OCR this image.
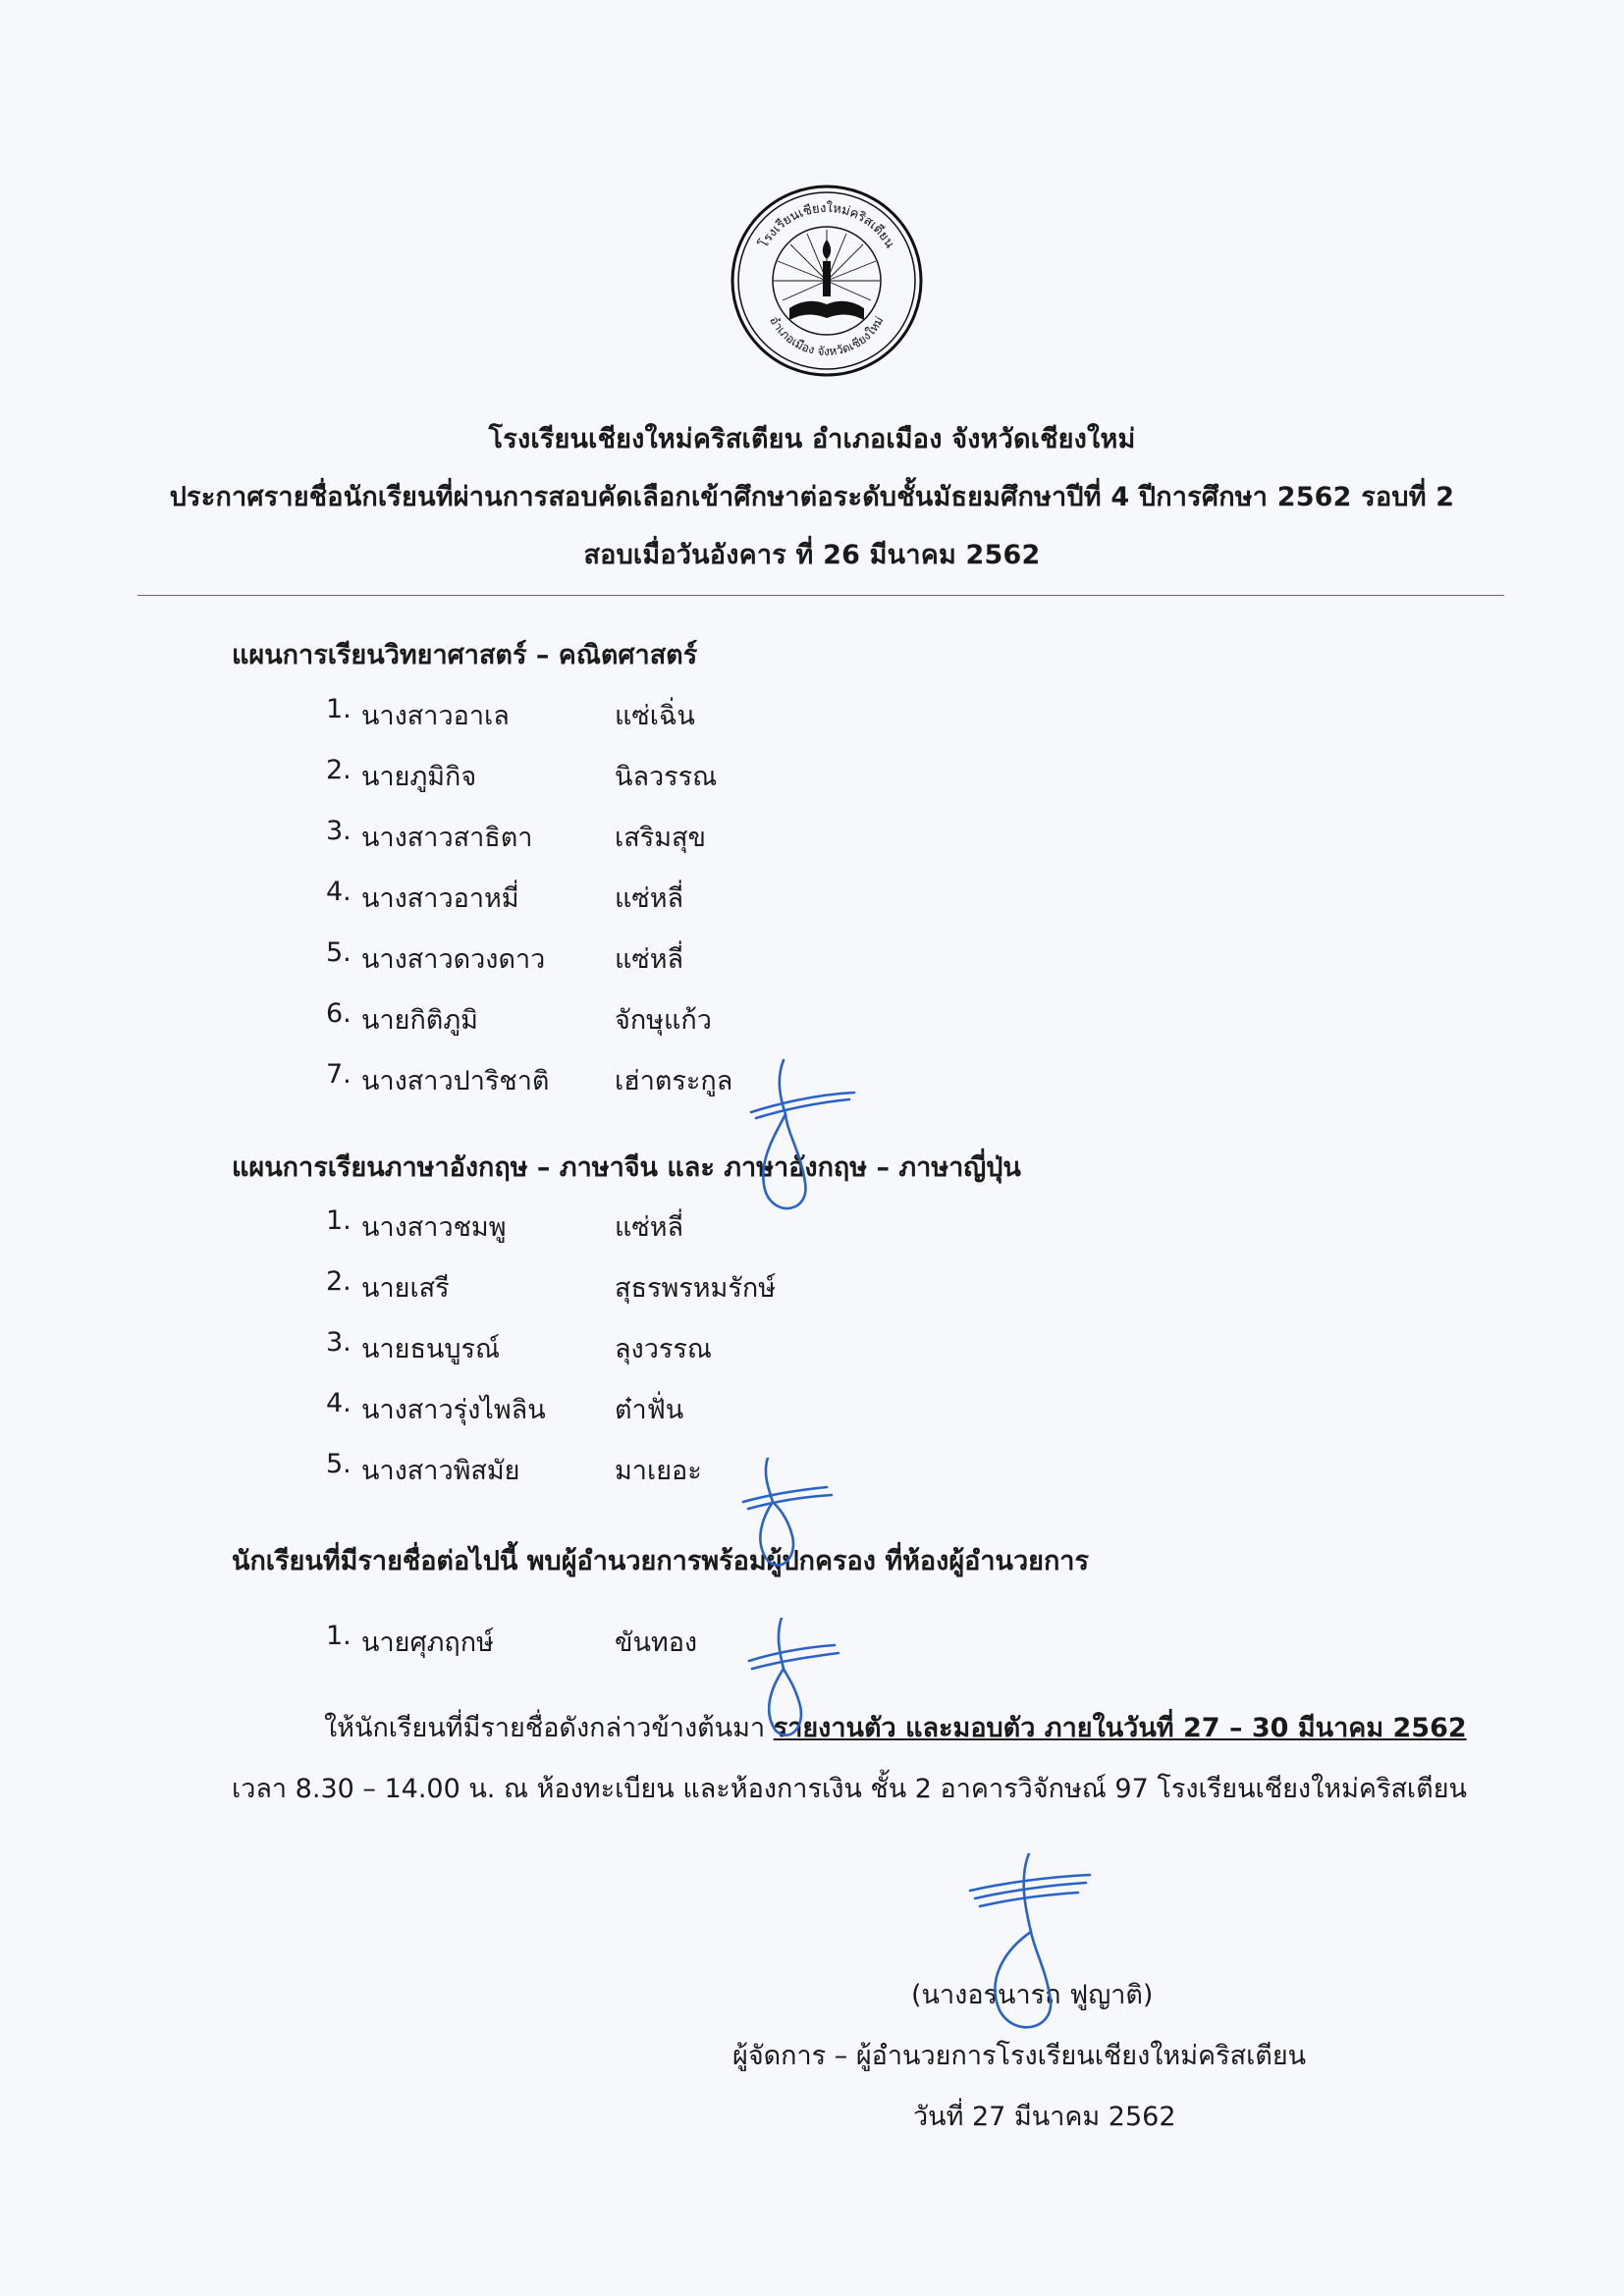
โรงเรียนเชียงใหม่คริสเตียน
อำเภอเมือง จังหวัดเชียงใหม่
โรงเรียนเชียงใหม่คริสเตียน อำเภอเมือง จังหวัดเชียงใหม่
ประกาศรายชื่อนักเรียนที่ผ่านการสอบคัดเลือกเข้าศึกษาต่อระดับชั้นมัธยมศึกษาปีที่ 4 ปีการศึกษา 2562 รอบที่ 2
สอบเมื่อวันอังคาร ที่ 26 มีนาคม 2562
แผนการเรียนวิทยาศาสตร์ – คณิตศาสตร์
1. นางสาวอาเล	แซ่เฉิ่น
2. นายภูมิกิจ	นิลวรรณ
3. นางสาวสาธิตา	เสริมสุข
4. นางสาวอาหมี่	แซ่หลี่
5. นางสาวดวงดาว	แซ่หลี่
6. นายกิติภูมิ	จักษุแก้ว
7. นางสาวปาริชาติ เฮ่าตระกูล
แผนการเรียนภาษาอังกฤษ – ภาษาจีน และ ภาษาอังกฤษ – ภาษาญี่ปุ่น
1. นางสาวชมพู	แซ่หลี่
2. นายเสรี	สุธรพรหมรักษ์
3. นายธนบูรณ์	ลุงวรรณ
4. นางสาวรุ่งไพลิน	ต๋าฟั่น
5. นางสาวพิสมัย	มาเยอะ
นักเรียนที่มีรายชื่อต่อไปนี้ พบผู้อำนวยการพร้อมผู้ปกครอง ที่ห้องผู้อำนวยการ
1. นายศุภฤกษ์	ขันทอง
ให้นักเรียนที่มีรายชื่อดังกล่าวข้างต้นมา รายงานตัว และมอบตัว ภายในวันที่ 27 – 30 มีนาคม 2562
เวลา 8.30 – 14.00 น. ณ ห้องทะเบียน และห้องการเงิน ชั้น 2 อาคารวิจักษณ์ 97 โรงเรียนเชียงใหม่คริสเตียน
(นางอรนารถ ฟูญาติ)
ผู้จัดการ – ผู้อำนวยการโรงเรียนเชียงใหม่คริสเตียน
วันที่ 27 มีนาคม 2562
